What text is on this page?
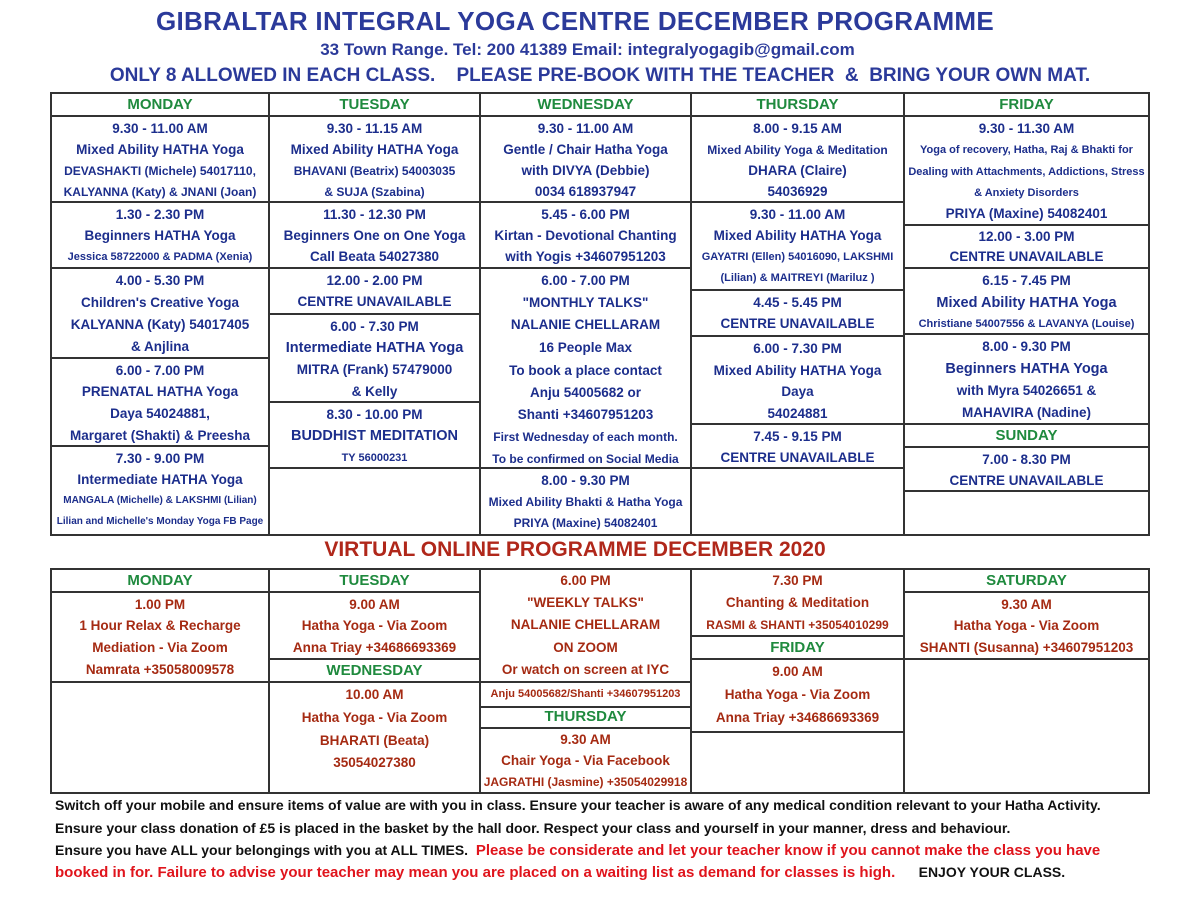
GIBRALTAR INTEGRAL YOGA CENTRE DECEMBER PROGRAMME
33 Town Range. Tel: 200 41389 Email: integralyogagib@gmail.com
ONLY 8 ALLOWED IN EACH CLASS.    PLEASE PRE-BOOK WITH THE TEACHER  &  BRING YOUR OWN MAT.
MONDAY
9.30 - 11.00 AM
Mixed Ability HATHA Yoga
DEVASHAKTI (Michele) 54017110,
KALYANNA (Katy) & JNANI (Joan)
1.30 - 2.30 PM
Beginners HATHA Yoga
Jessica 58722000 & PADMA (Xenia)
4.00 - 5.30 PM
Children's Creative Yoga
KALYANNA (Katy) 54017405
& Anjlina
6.00 - 7.00 PM
PRENATAL HATHA Yoga
Daya 54024881,
Margaret (Shakti) & Preesha
7.30 - 9.00 PM
Intermediate HATHA Yoga
MANGALA (Michelle) & LAKSHMI (Lilian)
Lilian and Michelle's Monday Yoga FB Page
TUESDAY
9.30 - 11.15 AM
Mixed Ability HATHA Yoga
BHAVANI (Beatrix) 54003035
& SUJA (Szabina)
11.30 - 12.30 PM
Beginners One on One Yoga
Call Beata 54027380
12.00 - 2.00 PM
CENTRE UNAVAILABLE
6.00 - 7.30 PM
Intermediate HATHA Yoga
MITRA (Frank) 57479000
& Kelly
8.30 - 10.00 PM
BUDDHIST MEDITATION
TY 56000231
WEDNESDAY
9.30 - 11.00 AM
Gentle / Chair Hatha Yoga
with DIVYA (Debbie)
0034 618937947
5.45 - 6.00 PM
Kirtan - Devotional Chanting
with Yogis +34607951203
6.00 - 7.00 PM
"MONTHLY TALKS"
NALANIE CHELLARAM
16 People Max
To book a place contact
Anju 54005682 or
Shanti +34607951203
First Wednesday of each month.
To be confirmed on Social Media
8.00 - 9.30 PM
Mixed Ability Bhakti & Hatha Yoga
PRIYA (Maxine) 54082401
THURSDAY
8.00 - 9.15 AM
Mixed Ability Yoga & Meditation
DHARA (Claire)
54036929
9.30 - 11.00 AM
Mixed Ability HATHA Yoga
GAYATRI (Ellen) 54016090, LAKSHMI
(Lilian) & MAITREYI (Mariluz )
4.45 - 5.45 PM
CENTRE UNAVAILABLE
6.00 - 7.30 PM
Mixed Ability HATHA Yoga
Daya
54024881
7.45 - 9.15 PM
CENTRE UNAVAILABLE
FRIDAY
9.30 - 11.30 AM
Yoga of recovery, Hatha, Raj & Bhakti for
Dealing with Attachments, Addictions, Stress
& Anxiety Disorders
PRIYA (Maxine) 54082401
12.00 - 3.00 PM
CENTRE UNAVAILABLE
6.15 - 7.45 PM
Mixed Ability HATHA Yoga
Christiane 54007556 & LAVANYA (Louise)
8.00 - 9.30 PM
Beginners HATHA Yoga
with Myra 54026651 &
MAHAVIRA (Nadine)
SUNDAY
7.00 - 8.30 PM
CENTRE UNAVAILABLE
VIRTUAL ONLINE PROGRAMME DECEMBER 2020
MONDAY
1.00 PM
1 Hour Relax & Recharge
Mediation - Via Zoom
Namrata +35058009578
TUESDAY
9.00 AM
Hatha Yoga - Via Zoom
Anna Triay +34686693369
WEDNESDAY
10.00 AM
Hatha Yoga - Via Zoom
BHARATI (Beata)
35054027380
6.00 PM
"WEEKLY TALKS"
NALANIE CHELLARAM
ON ZOOM
Or watch on screen at IYC
Anju 54005682/Shanti +34607951203
THURSDAY
9.30 AM
Chair Yoga - Via Facebook
JAGRATHI (Jasmine) +35054029918
7.30 PM
Chanting & Meditation
RASMI & SHANTI +35054010299
FRIDAY
9.00 AM
Hatha Yoga - Via Zoom
Anna Triay +34686693369
SATURDAY
9.30 AM
Hatha Yoga - Via Zoom
SHANTI (Susanna) +34607951203
Switch off your mobile and ensure items of value are with you in class. Ensure your teacher is aware of any medical condition relevant to your Hatha Activity.
Ensure your class donation of £5 is placed in the basket by the hall door. Respect your class and yourself in your manner, dress and behaviour.
Ensure you have ALL your belongings with you at ALL TIMES. Please be considerate and let your teacher know if you cannot make the class you have
booked in for. Failure to advise your teacher may mean you are placed on a waiting list as demand for classes is high. ENJOY YOUR CLASS.
